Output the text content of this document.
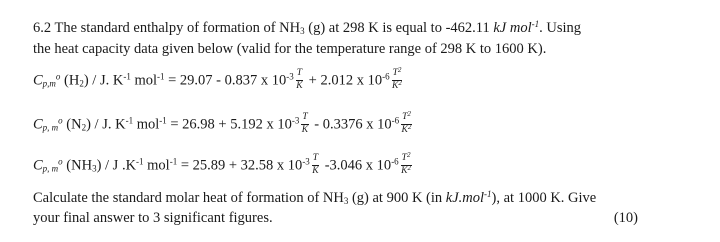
6.2 The standard enthalpy of formation of $NH_3$ (g) at 298 K is equal to -462.11 kJ mol$^{-1}$. Using
the heat capacity data given below (valid for the temperature range of 298 K to 1600 K).
$C_{p,m}^o$ $(H_2)$ / J. $K^{-1}$ mol$^{-1}$ = 29.07 - 0.837 x $10^{-3} \frac{T}{K} + 2.012$ x $10^{-6} \frac{T^2}{K^2}$
$C_{p, m}^o$ $(N_2)$ / J. $K^{-1}$ mol$^{-1}$ = 26.98 + 5.192 x $10^{-3} \frac{T}{K} - 0.3376$ x $10^{-6} \frac{T^2}{K^2}$
$C_{p, m}^o$ $(NH_3)$ / J $.K^{-1}$ mol$^{-1}$ = 25.89 + 32.58 x $10^{-3} \frac{T}{K} -3.046$ x $10^{-6} \frac{T^2}{K^2}$
Calculate the standard molar heat of formation of $NH_3$ (g) at 900 K (in kJ.mol$^{-1}$), at 1000 K. Give
your final answer to 3 significant figures.	(10)
